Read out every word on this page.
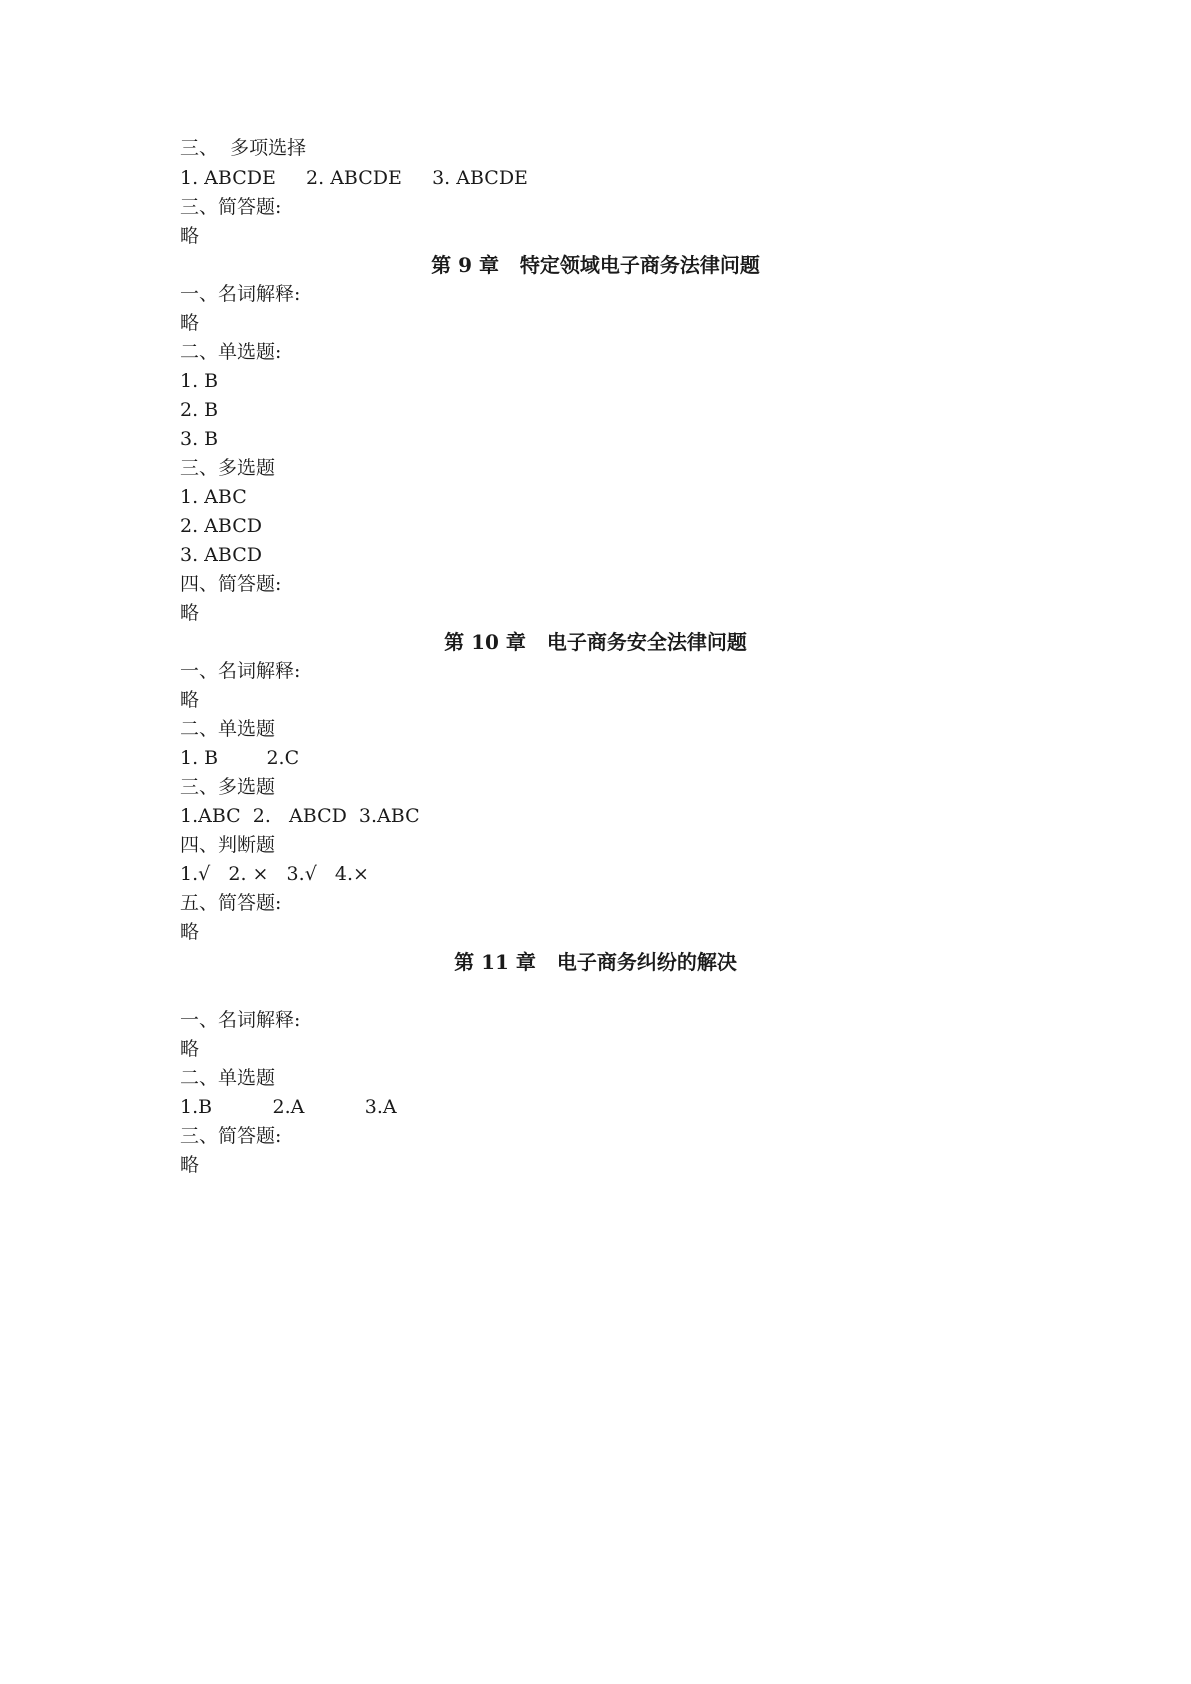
三、  多项选择
1. ABCDE     2. ABCDE     3. ABCDE
三、简答题:
略
第 9 章   特定领域电子商务法律问题
一、名词解释:
略
二、单选题:
1. B
2. B
3. B
三、多选题
1. ABC
2. ABCD
3. ABCD
四、简答题:
略
第 10 章   电子商务安全法律问题
一、名词解释:
略
二、单选题
1. B        2.C
三、多选题
1.ABC  2.   ABCD  3.ABC
四、判断题
1.√   2. ×   3.√   4.×
五、简答题:
略
第 11 章   电子商务纠纷的解决
一、名词解释:
略
二、单选题
1.B          2.A          3.A
三、简答题:
略
